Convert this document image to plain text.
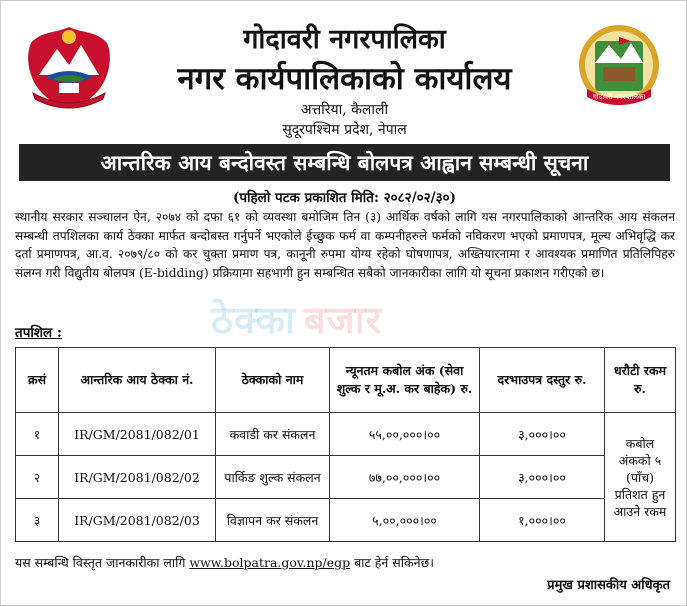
गोदावरी नगरपालिका
गोदावरी नगरपालिका
नगर कार्यपालिकाको कार्यालय
अत्तरिया, कैलाली
सुदूरपश्चिम प्रदेश, नेपाल
आन्तरिक आय बन्दोवस्त सम्बन्धि बोलपत्र आह्वान सम्बन्धी सूचना
(पहिलो पटक प्रकाशित मिति: २०८२/०२/३०)

स्थानीय सरकार सञ्चालन ऐन, २०७४ को दफा ६१ को व्यवस्था बमोजिम तिन (३) आर्थिक वर्षको लागि यस नगरपालिकाको आन्तरिक आय संकलन सम्बन्धी तपशिलका कार्य ठेक्का मार्फत बन्दोबस्त गर्नुपर्ने भएकोले ईच्छुक फर्म वा कम्पनीहरुले फर्मको नविकरण भएको प्रमाणपत्र, मूल्य अभिवृद्धि कर दर्ता प्रमाणपत्र, आ.व. २०७९/८० को कर चुक्ता प्रमाण पत्र, कानूनी रुपमा योग्य रहेको घोषणापत्र, अख्तियारनामा र आवश्यक प्रमाणित प्रतिलिपिहरु संलग्न गरी विद्युतीय बोलपत्र (E-bidding) प्रक्रियामा सहभागी हुन सम्बन्धित सबैको जानकारीका लागि यो सूचना प्रकाशन गरीएको छ।

ठेक्का बजार
तपशिल :
क्रसं	आन्तरिक आय ठेक्का नं.	ठेक्काको नाम	न्यूनतम कबोल अंक (सेवा शुल्क र मू.अ. कर बाहेक) रु.	दरभाउपत्र दस्तुर रु.	धरौटी रकम रु.
१	IR/GM/2081/082/01	कवाडी कर संकलन	५५,००,०००।००	३,०००।००	कबोल अंकको ५ (पाँच) प्रतिशत हुन आउने रकम
२	IR/GM/2081/082/02	पार्किङ शुल्क संकलन	७७,००,०००।००	३,०००।००	
३	IR/GM/2081/082/03	विज्ञापन कर संकलन	५,००,०००।००	१,०००।००	
यस सम्बन्धि विस्तृत जानकारीका लागि www.bolpatra.gov.np/egp बाट हेर्न सकिनेछ।
प्रमुख प्रशासकीय अधिकृत
